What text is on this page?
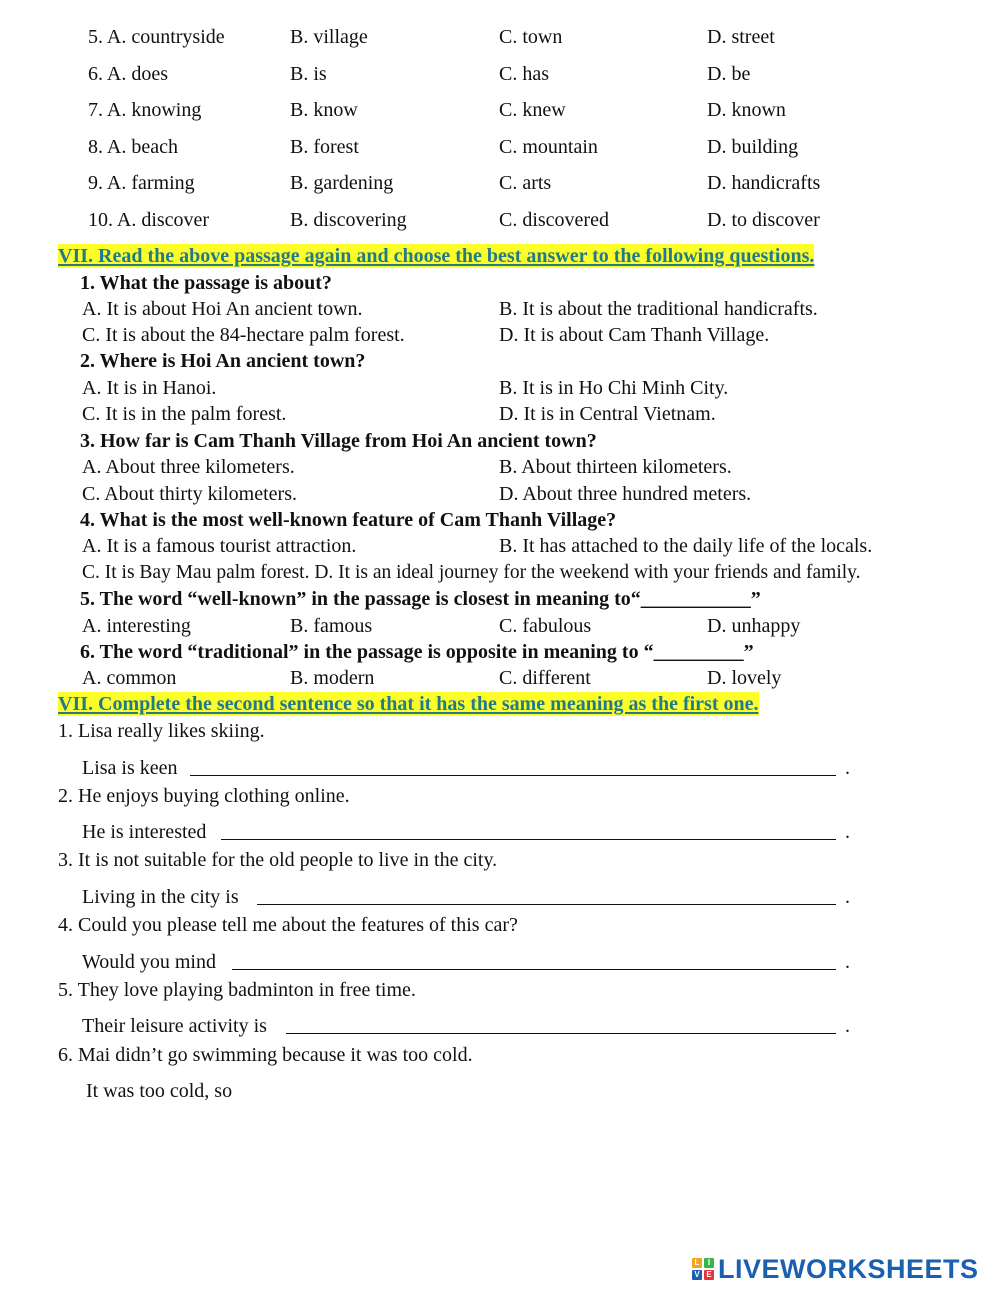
5. A. countryside	B. village	C. town	D. street
6. A. does	B. is	C. has	D. be
7. A. knowing	B. know	C. knew	D. known
8. A. beach	B. forest	C. mountain	D. building
9. A. farming	B. gardening	C. arts	D. handicrafts
10. A. discover	B. discovering	C. discovered	D. to discover
VII. Read the above passage again and choose the best answer to the following questions.
1. What the passage is about?
A. It is about Hoi An ancient town.	B. It is about the traditional handicrafts.
C. It is about the 84-hectare palm forest.	D. It is about Cam Thanh Village.
2. Where is Hoi An ancient town?
A. It is in Hanoi.	B. It is in Ho Chi Minh City.
C. It is in the palm forest.	D. It is in Central Vietnam.
3. How far is Cam Thanh Village from Hoi An ancient town?
A. About three kilometers.	B. About thirteen kilometers.
C. About thirty kilometers.	D. About three hundred meters.
4. What is the most well-known feature of Cam Thanh Village?
A. It is a famous tourist attraction.	B. It has attached to the daily life of the locals.
C. It is Bay Mau palm forest. D. It is an ideal journey for the weekend with your friends and family.
5. The word “well-known” in the passage is closest in meaning to“___________”
A. interesting	B. famous	C. fabulous	D. unhappy
6. The word “traditional” in the passage is opposite in meaning to “_________”
A. common	B. modern	C. different	D. lovely
VII. Complete the second sentence so that it has the same meaning as the first one.
1. Lisa really likes skiing.
Lisa is keen	.
2. He enjoys buying clothing online.
He is interested	.
3. It is not suitable for the old people to live in the city.
Living in the city is	.
4. Could you please tell me about the features of this car?
Would you mind	.
5. They love playing badminton in free time.
Their leisure activity is	.
6. Mai didn’t go swimming because it was too cold.
It was too cold, so
L	I
V E LIVEWORKSHEETS
